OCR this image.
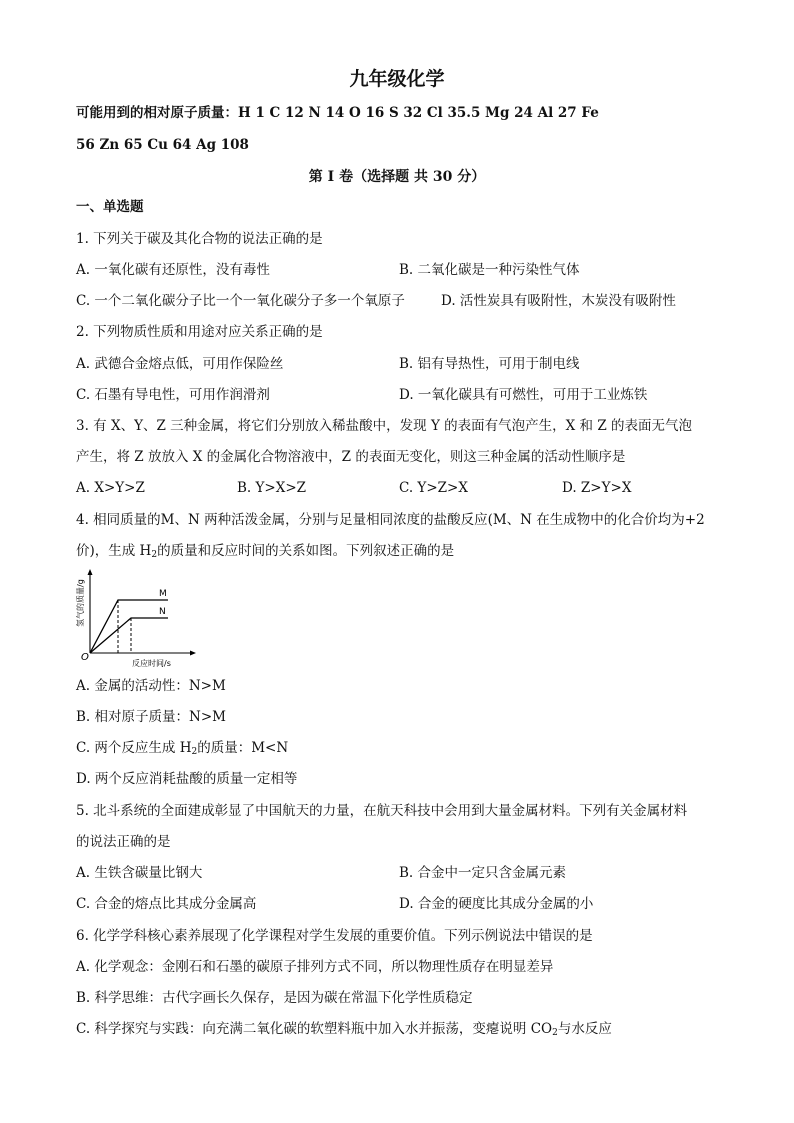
九年级化学
可能用到的相对原子质量：H 1 C 12 N 14 O 16 S 32 Cl 35.5 Mg 24 Al 27 Fe
56 Zn 65 Cu 64 Ag 108
第 I 卷（选择题 共 30 分）
一、单选题
1. 下列关于碳及其化合物的说法正确的是
A. 一氧化碳有还原性，没有毒性	B. 二氧化碳是一种污染性气体
C. 一个二氧化碳分子比一个一氧化碳分子多一个氧原子	D. 活性炭具有吸附性，木炭没有吸附性
2. 下列物质性质和用途对应关系正确的是
A. 武德合金熔点低，可用作保险丝	B. 铝有导热性，可用于制电线
C. 石墨有导电性，可用作润滑剂	D. 一氧化碳具有可燃性，可用于工业炼铁
3. 有 X、Y、Z 三种金属，将它们分别放入稀盐酸中，发现 Y 的表面有气泡产生，X 和 Z 的表面无气泡
产生，将 Z 放放入 X 的金属化合物溶液中，Z 的表面无变化，则这三种金属的活动性顺序是
A. X>Y>Z	B. Y>X>Z	C. Y>Z>X	D. Z>Y>X
4. 相同质量的M、N 两种活泼金属，分别与足量相同浓度的盐酸反应(M、N 在生成物中的化合价均为+2
价)，生成 $H_2$的质量和反应时间的关系如图。下列叙述正确的是
M
N
O
反应时间/s
氢气的质量/g
A. 金属的活动性：N>M
B. 相对原子质量：N>M
C. 两个反应生成 $H_2$的质量：M<N
D. 两个反应消耗盐酸的质量一定相等
5. 北斗系统的全面建成彰显了中国航天的力量，在航天科技中会用到大量金属材料。下列有关金属材料
的说法正确的是
A. 生铁含碳量比钢大	B. 合金中一定只含金属元素
C. 合金的熔点比其成分金属高	D. 合金的硬度比其成分金属的小
6. 化学学科核心素养展现了化学课程对学生发展的重要价值。下列示例说法中错误的是
A. 化学观念：金刚石和石墨的碳原子排列方式不同，所以物理性质存在明显差异
B. 科学思维：古代字画长久保存，是因为碳在常温下化学性质稳定
C. 科学探究与实践：向充满二氧化碳的软塑料瓶中加入水并振荡，变瘪说明 $CO_2$与水反应
